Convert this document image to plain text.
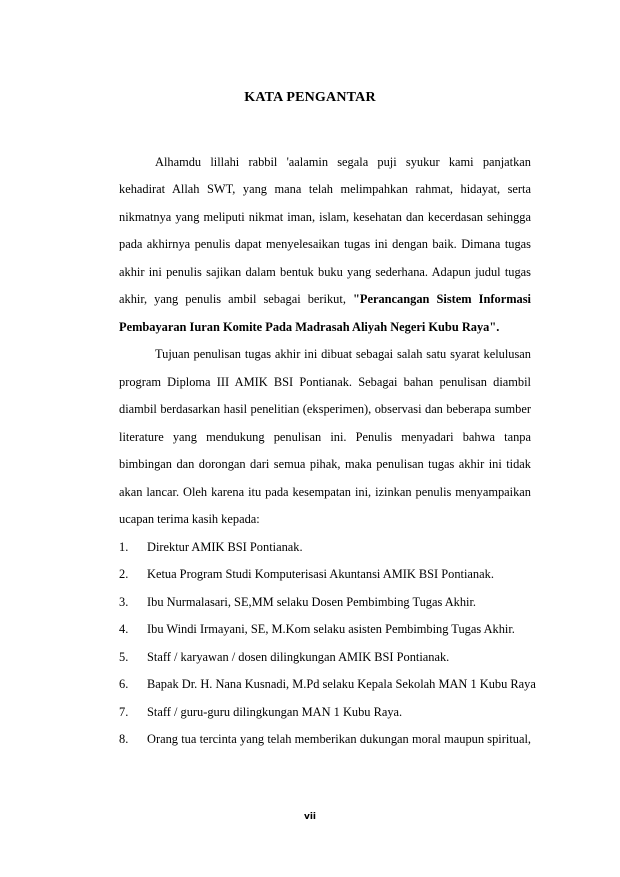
KATA PENGANTAR
Alhamdu lillahi rabbil 'aalamin segala puji syukur kami panjatkan
kehadirat Allah SWT, yang mana telah melimpahkan rahmat, hidayat, serta
nikmatnya yang meliputi nikmat iman, islam, kesehatan dan kecerdasan sehingga
pada akhirnya penulis dapat menyelesaikan tugas ini dengan baik. Dimana tugas
akhir ini penulis sajikan dalam bentuk buku yang sederhana. Adapun judul tugas
akhir, yang penulis ambil sebagai berikut, "Perancangan Sistem Informasi
Pembayaran Iuran Komite Pada Madrasah Aliyah Negeri Kubu Raya".
Tujuan penulisan tugas akhir ini dibuat sebagai salah satu syarat kelulusan
program Diploma III AMIK BSI Pontianak. Sebagai bahan penulisan diambil
diambil berdasarkan hasil penelitian (eksperimen), observasi dan beberapa sumber
literature yang mendukung penulisan ini. Penulis menyadari bahwa tanpa
bimbingan dan dorongan dari semua pihak, maka penulisan tugas akhir ini tidak
akan lancar. Oleh karena itu pada kesempatan ini, izinkan penulis menyampaikan
ucapan terima kasih kepada:
1. Direktur AMIK BSI Pontianak.
2. Ketua Program Studi Komputerisasi Akuntansi AMIK BSI Pontianak.
3. Ibu Nurmalasari, SE,MM selaku Dosen Pembimbing Tugas Akhir.
4. Ibu Windi Irmayani, SE, M.Kom selaku asisten Pembimbing Tugas Akhir.
5. Staff / karyawan / dosen dilingkungan AMIK BSI Pontianak.
6. Bapak Dr. H. Nana Kusnadi, M.Pd selaku Kepala Sekolah MAN 1 Kubu Raya
7. Staff / guru-guru dilingkungan MAN 1 Kubu Raya.
8. Orang tua tercinta yang telah memberikan dukungan moral maupun spiritual,
vii
